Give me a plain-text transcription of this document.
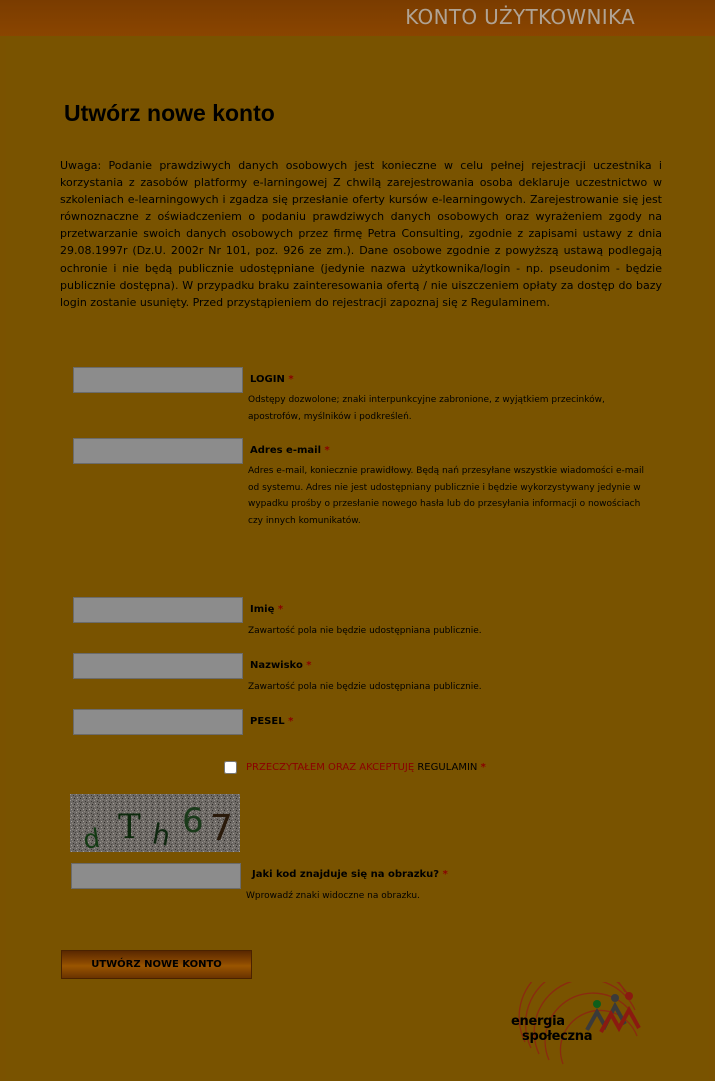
KONTO UŻYTKOWNIKA
Utwórz nowe konto

Uwaga: Podanie prawdziwych danych osobowych jest konieczne w celu pełnej rejestracji uczestnika i korzystania z zasobów platformy e-larningowej Z chwilą zarejestrowania osoba deklaruje uczestnictwo w szkoleniach e-learningowych i zgadza się przesłanie oferty kursów e-learningowych. Zarejestrowanie się jest równoznaczne z oświadczeniem o podaniu prawdziwych danych osobowych oraz wyrażeniem zgody na przetwarzanie swoich danych osobowych przez firmę Petra Consulting, zgodnie z zapisami ustawy z dnia 29.08.1997r (Dz.U. 2002r Nr 101, poz. 926 ze zm.). Dane osobowe zgodnie z powyższą ustawą podlegają ochronie i nie będą publicznie udostępniane (jedynie nazwa użytkownika/login - np. pseudonim - będzie publicznie dostępna). W przypadku braku zainteresowania ofertą / nie uiszczeniem opłaty za dostęp do bazy login zostanie usunięty. Przed przystąpieniem do rejestracji zapoznaj się z Regulaminem.

LOGIN *

Odstępy dozwolone; znaki interpunkcyjne zabronione, z wyjątkiem przecinków, apostrofów, myślników i podkreśleń.

Adres e-mail *

Adres e-mail, koniecznie prawidłowy. Będą nań przesyłane wszystkie wiadomości e-mail od systemu. Adres nie jest udostępniany publicznie i będzie wykorzystywany jedynie w wypadku prośby o przesłanie nowego hasła lub do przesyłania informacji o nowościach czy innych komunikatów.

Imię *

Zawartość pola nie będzie udostępniana publicznie.

Nazwisko *

Zawartość pola nie będzie udostępniana publicznie.

PESEL *
PRZECZYTAŁEM ORAZ AKCEPTUJĘ REGULAMIN *
d T h 6 7
Jaki kod znajduje się na obrazku? *

Wprowadź znaki widoczne na obrazku.

UTWÓRZ NOWE KONTO
energia
społeczna
